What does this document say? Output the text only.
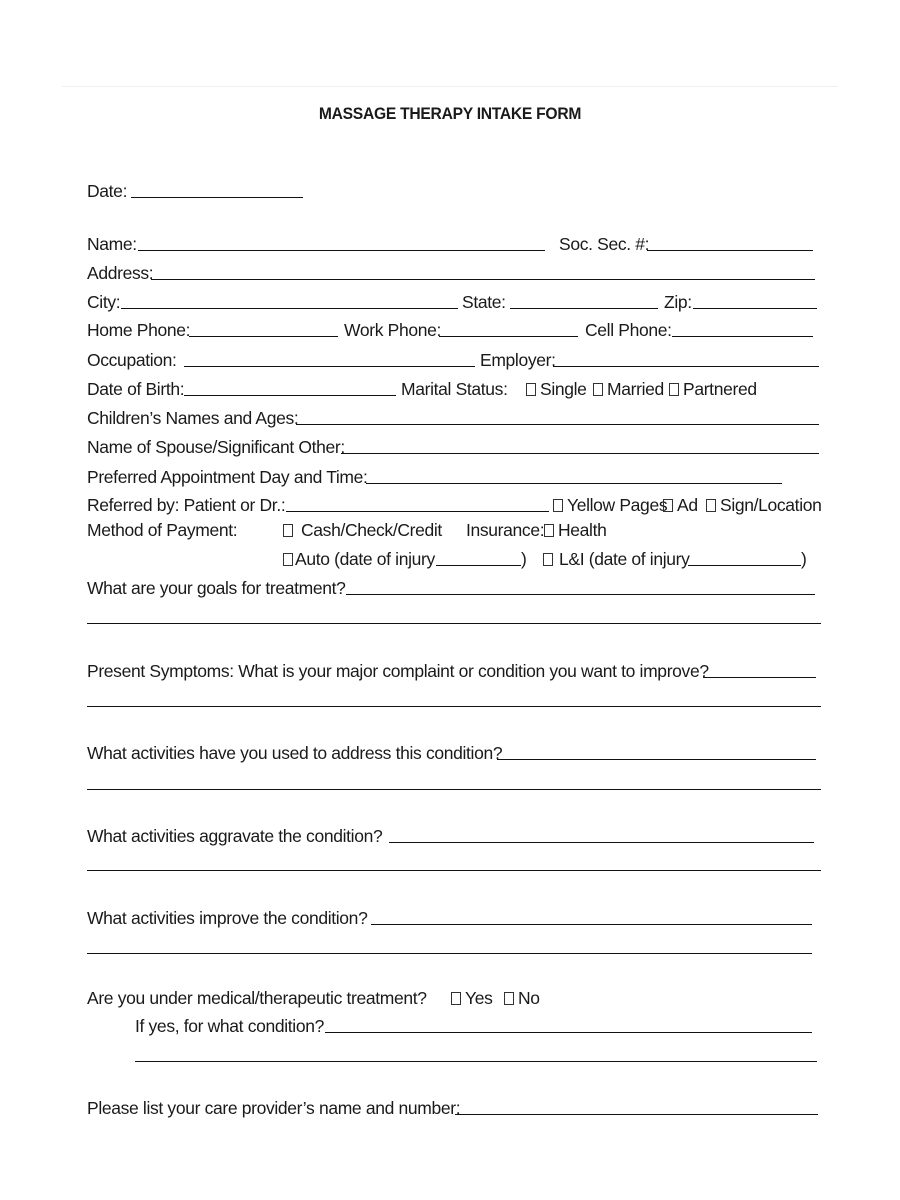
MASSAGE THERAPY INTAKE FORM
Date:
Name:	Soc. Sec. #:
Address:
City:	State:	Zip:
Home Phone:	Work Phone:	Cell Phone:
Occupation:	Employer:
Date of Birth:	Marital Status:	Single	Married	Partnered
Children’s Names and Ages:
Name of Spouse/Significant Other:
Preferred Appointment Day and Time:
Referred by: Patient or Dr.:	Yellow Pages Ad	Sign/Location
Method of Payment:	Cash/Check/Credit Insurance: Health
Auto (date of injury	)	L&I (date of injury	)
What are your goals for treatment?
Present Symptoms: What is your major complaint or condition you want to improve?
What activities have you used to address this condition?
What activities aggravate the condition?
What activities improve the condition?
Are you under medical/therapeutic treatment?	Yes	No
If yes, for what condition?
Please list your care provider’s name and number:
